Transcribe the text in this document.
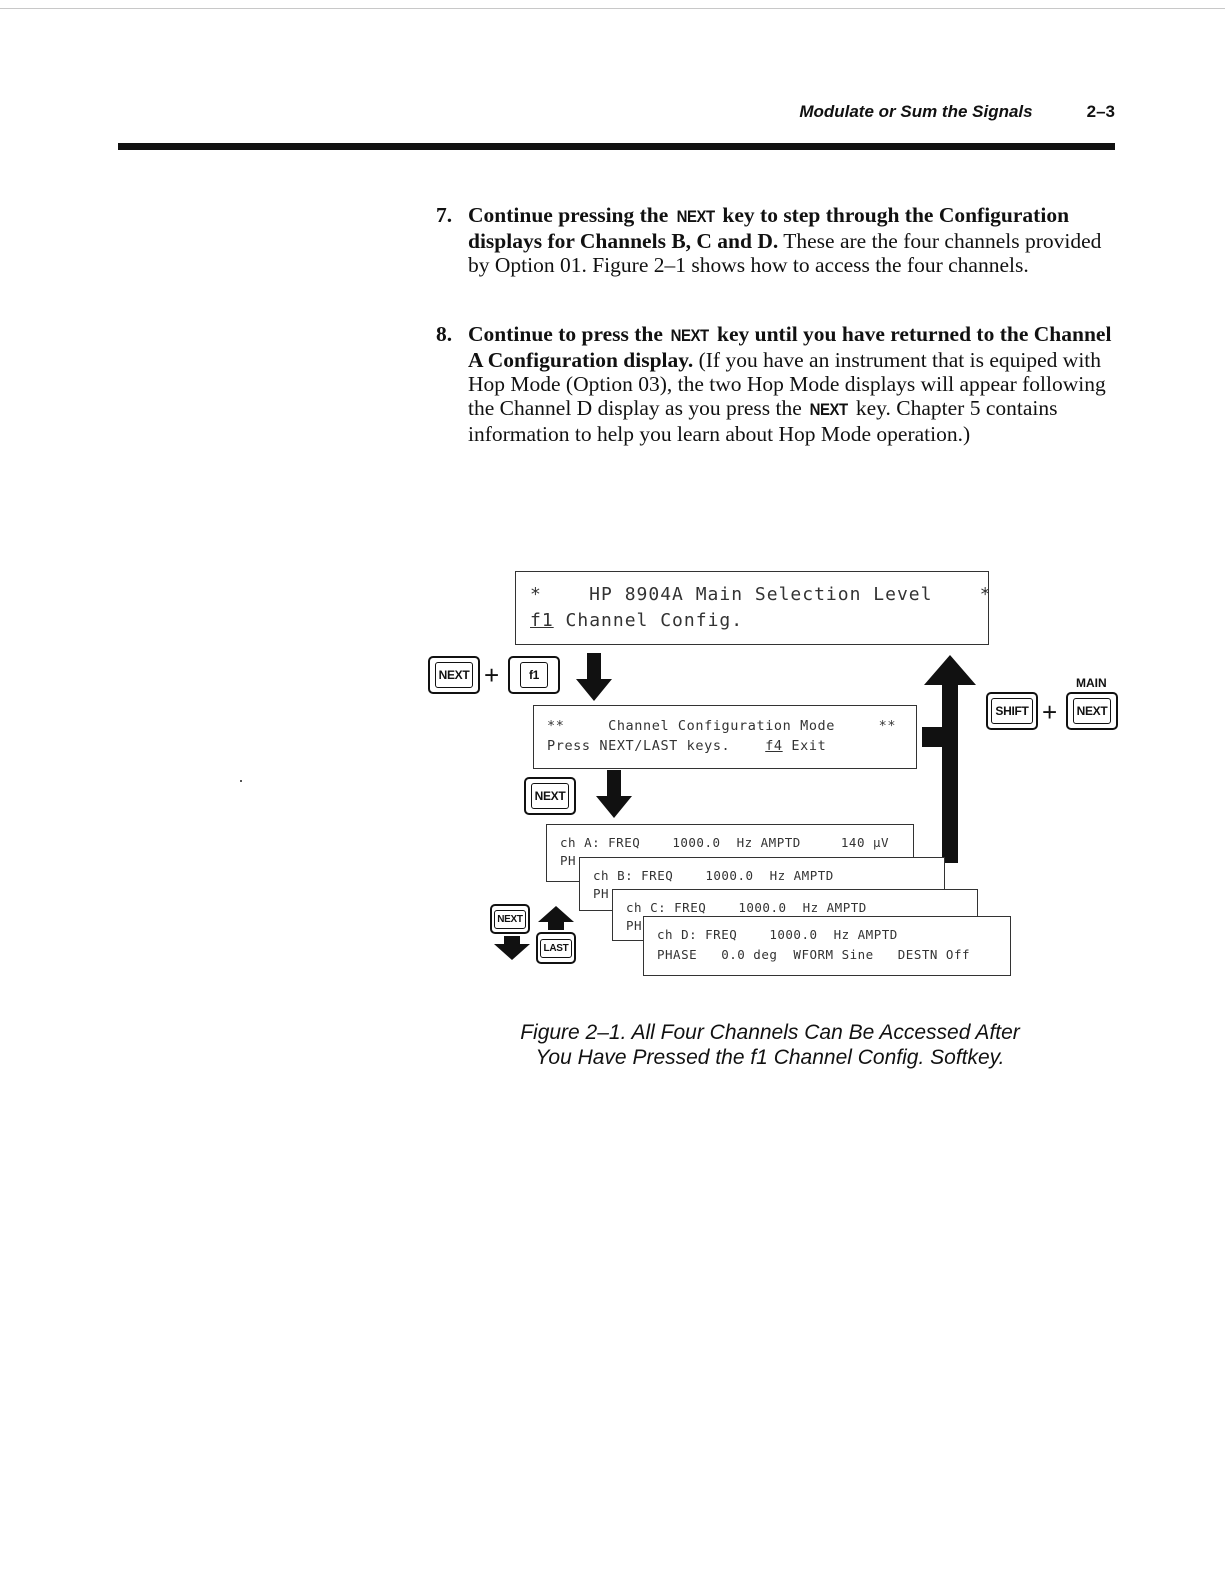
Modulate or Sum the Signals	2–3
7. Continue pressing the NEXT key to step through the Configuration displays for Channels B, C and D. These are the four channels provided by Option 01. Figure 2–1 shows how to access the four channels.
8. Continue to press the NEXT key until you have returned to the Channel A Configuration display. (If you have an instrument that is equiped with Hop Mode (Option 03), the two Hop Mode displays will appear following the Channel D display as you press the NEXT key. Chapter 5 contains information to help you learn about Hop Mode operation.)

*    HP 8904A Main Selection Level    *

f1 Channel Config.

NEXT +	f1
MAIN
SHIFT +	NEXT

**     Channel Configuration Mode     **

Press NEXT/LAST keys.    f4 Exit

NEXT

ch A: FREQ    1000.0  Hz AMPTD     140 µV

PH

ch B: FREQ    1000.0  Hz AMPTD

PH

ch C: FREQ    1000.0  Hz AMPTD

PH

ch D: FREQ    1000.0  Hz AMPTD

PHASE   0.0 deg  WFORM Sine   DESTN Off

NEXT
LAST
Figure 2–1. All Four Channels Can Be Accessed After
You Have Pressed the f1 Channel Config. Softkey.
